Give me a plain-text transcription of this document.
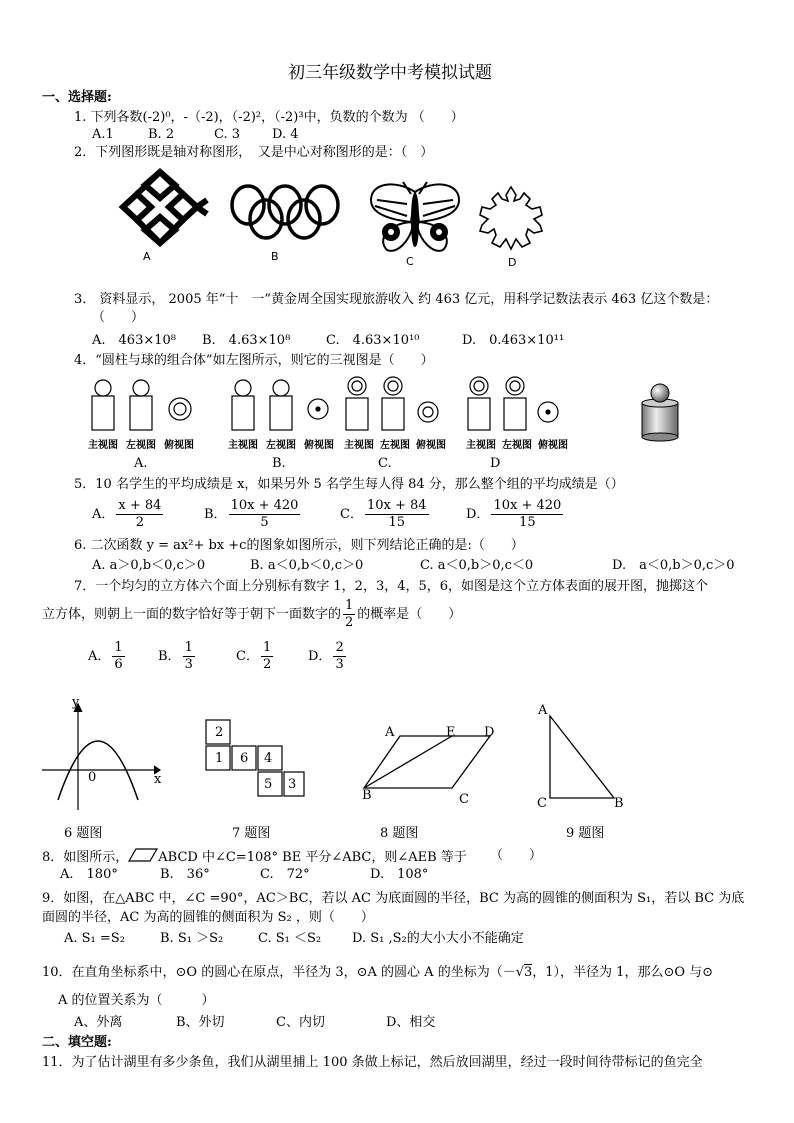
初三年级数学中考模拟试题
一、选择题:
1. 下列各数(-2)⁰，-（-2)，（-2)²，（-2)³中，负数的个数为 （　　）
A.1	B. 2	C. 3 D. 4
2．下列图形既是轴对称图形，　又是中心对称图形的是：（　）
A	B	C	D
3． 资料显示， 2005 年“十　一”黄金周全国实现旅游收入 约 463 亿元，用科学记数法表示 463 亿这个数是：
（　　）
A.　463×10⁸ B.　4.63×10⁸	C.　4.63×10¹⁰	D.　0.463×10¹¹
4．“圆柱与球的组合体”如左图所示，则它的三视图是（　　）
主视图 左视图 俯视图
A.
主视图 左视图 俯视图
B.
主视图 左视图 俯视图
C.
主视图 左视图 俯视图
D
5．10 名学生的平均成绩是 x，如果另外 5 名学生每人得 84 分，那么整个组的平均成绩是（）
A． $\frac{x + 84}{2}$	B． $\frac{10x + 420}{5}$	C． $\frac{10x + 84}{15}$	D． $\frac{10x + 420}{15}$
6. 二次函数 y = ax²+ bx +c的图象如图所示，则下列结论正确的是:（　　）
A. a＞0,b＜0,c＞0	B. a＜0,b＜0,c＞0	C. a＜0,b＞0,c＜0	D.　a＜0,b＞0,c＞0
7．一个均匀的立方体六个面上分别标有数字 1，2，3，4，5，6，如图是这个立方体表面的展开图，抛掷这个
立方体，则朝上一面的数字恰好等于朝下一面数字的 $\frac{1}{2}$ 的概率是（　　）
A． $\frac{1}{6}$	B． $\frac{1}{3}$	C． $\frac{1}{2}$	D． $\frac{2}{3}$
y
x
0
6 题图
2
1 6 4
5 3
7 题图
A	E D
B	C
8 题图
A
C	B
9 题图
8．如图所示， ABCD 中∠C=108° BE 平分∠ABC，则∠AEB 等于 （　　）
A.　180°	B.　36°	C.　72°	D.　108°
9．如图，在△ABC 中，∠C =90°，AC＞BC，若以 AC 为底面圆的半径，BC 为高的圆锥的侧面积为 S₁，若以 BC 为底
面圆的半径，AC 为高的圆锥的侧面积为 S₂ ，则（　　）
A. S₁ =S₂	B. S₁ ＞S₂	C. S₁ ＜S₂ D. S₁ ,S₂的大小大小不能确定
10．在直角坐标系中，⊙O 的圆心在原点，半径为 3，⊙A 的圆心 A 的坐标为（－√3，1），半径为 1，那么⊙O 与⊙
A 的位置关系为（　　　）
A、外离	B、外切	C、内切	D、相交
二、填空题:
11．为了估计湖里有多少条鱼，我们从湖里捕上 100 条做上标记，然后放回湖里，经过一段时间待带标记的鱼完全
